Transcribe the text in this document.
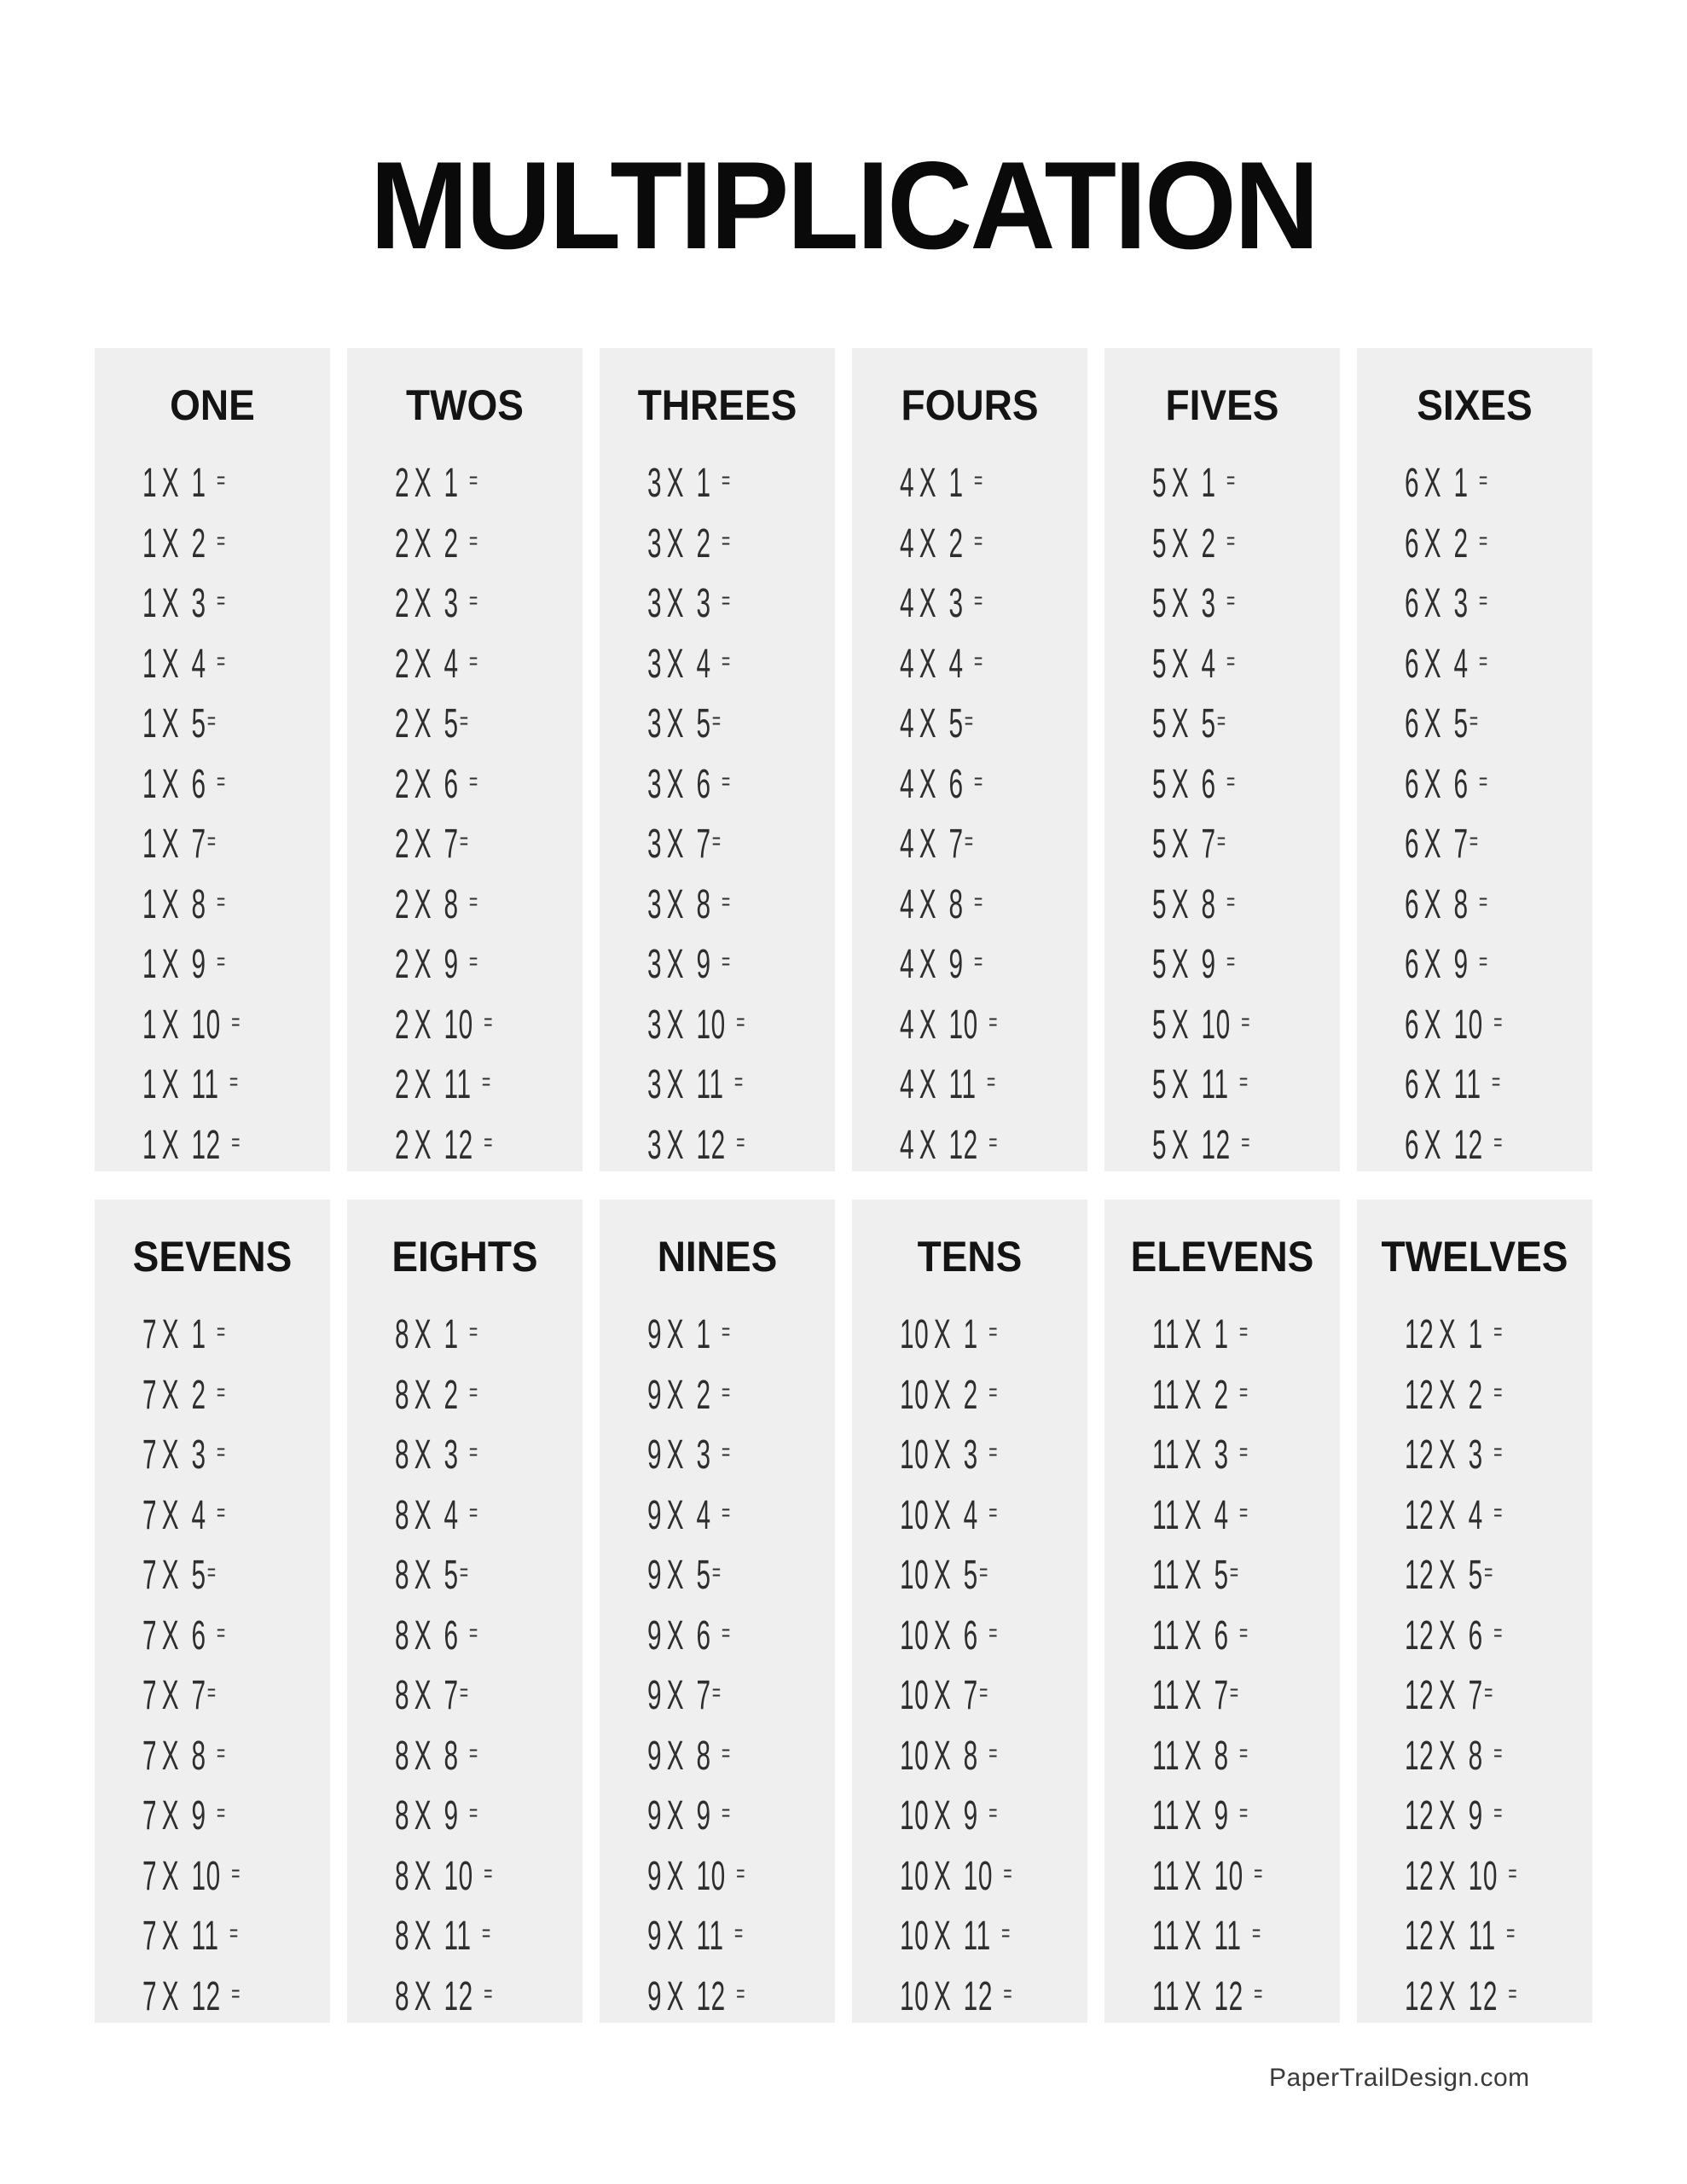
MULTIPLICATION
ONE
1 X 1 =
1 X 2 =
1 X 3 =
1 X 4 =
1 X 5=
1 X 6 =
1 X 7=
1 X 8 =
1 X 9 =
1 X 10 =
1 X 11 =
1 X 12 =
TWOS
2 X 1 =
2 X 2 =
2 X 3 =
2 X 4 =
2 X 5=
2 X 6 =
2 X 7=
2 X 8 =
2 X 9 =
2 X 10 =
2 X 11 =
2 X 12 =
THREES
3 X 1 =
3 X 2 =
3 X 3 =
3 X 4 =
3 X 5=
3 X 6 =
3 X 7=
3 X 8 =
3 X 9 =
3 X 10 =
3 X 11 =
3 X 12 =
FOURS
4 X 1 =
4 X 2 =
4 X 3 =
4 X 4 =
4 X 5=
4 X 6 =
4 X 7=
4 X 8 =
4 X 9 =
4 X 10 =
4 X 11 =
4 X 12 =
FIVES
5 X 1 =
5 X 2 =
5 X 3 =
5 X 4 =
5 X 5=
5 X 6 =
5 X 7=
5 X 8 =
5 X 9 =
5 X 10 =
5 X 11 =
5 X 12 =
SIXES
6 X 1 =
6 X 2 =
6 X 3 =
6 X 4 =
6 X 5=
6 X 6 =
6 X 7=
6 X 8 =
6 X 9 =
6 X 10 =
6 X 11 =
6 X 12 =
SEVENS
7 X 1 =
7 X 2 =
7 X 3 =
7 X 4 =
7 X 5=
7 X 6 =
7 X 7=
7 X 8 =
7 X 9 =
7 X 10 =
7 X 11 =
7 X 12 =
EIGHTS
8 X 1 =
8 X 2 =
8 X 3 =
8 X 4 =
8 X 5=
8 X 6 =
8 X 7=
8 X 8 =
8 X 9 =
8 X 10 =
8 X 11 =
8 X 12 =
NINES
9 X 1 =
9 X 2 =
9 X 3 =
9 X 4 =
9 X 5=
9 X 6 =
9 X 7=
9 X 8 =
9 X 9 =
9 X 10 =
9 X 11 =
9 X 12 =
TENS
10 X 1 =
10 X 2 =
10 X 3 =
10 X 4 =
10 X 5=
10 X 6 =
10 X 7=
10 X 8 =
10 X 9 =
10 X 10 =
10 X 11 =
10 X 12 =
ELEVENS
11 X 1 =
11 X 2 =
11 X 3 =
11 X 4 =
11 X 5=
11 X 6 =
11 X 7=
11 X 8 =
11 X 9 =
11 X 10 =
11 X 11 =
11 X 12 =
TWELVES
12 X 1 =
12 X 2 =
12 X 3 =
12 X 4 =
12 X 5=
12 X 6 =
12 X 7=
12 X 8 =
12 X 9 =
12 X 10 =
12 X 11 =
12 X 12 =
PaperTrailDesign.com
